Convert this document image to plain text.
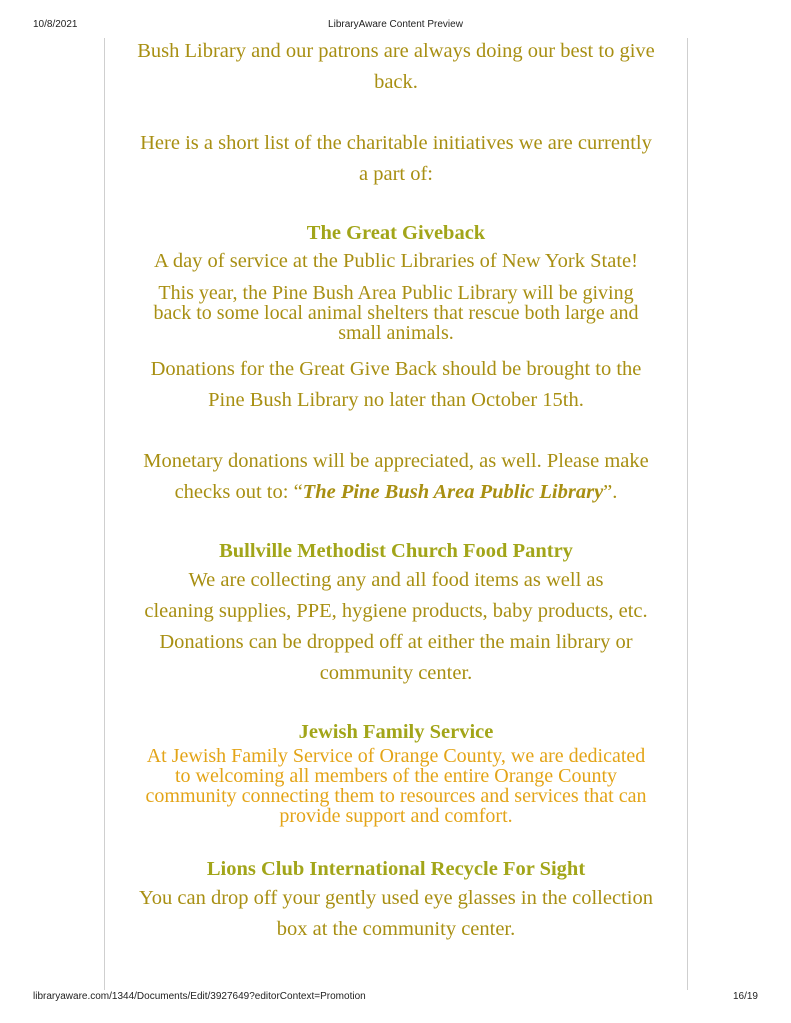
LibraryAware Content Preview
10/8/2021

Bush Library and our patrons are always doing our best to give

back.

Here is a short list of the charitable initiatives we are currently

a part of:

The Great Giveback

A day of service at the Public Libraries of New York State!

This year, the Pine Bush Area Public Library will be giving

back to some local animal shelters that rescue both large and

small animals.

Donations for the Great Give Back should be brought to the

Pine Bush Library no later than October 15th.

Monetary donations will be appreciated, as well. Please make

checks out to: “The Pine Bush Area Public Library”.

Bullville Methodist Church Food Pantry

We are collecting any and all food items as well as

cleaning supplies, PPE, hygiene products, baby products, etc.

Donations can be dropped off at either the main library or

community center.

Jewish Family Service

At Jewish Family Service of Orange County, we are dedicated

to welcoming all members of the entire Orange County

community connecting them to resources and services that can

provide support and comfort.

Lions Club International Recycle For Sight

You can drop off your gently used eye glasses in the collection

box at the community center.

libraryaware.com/1344/Documents/Edit/3927649?editorContext=Promotion	16/19
